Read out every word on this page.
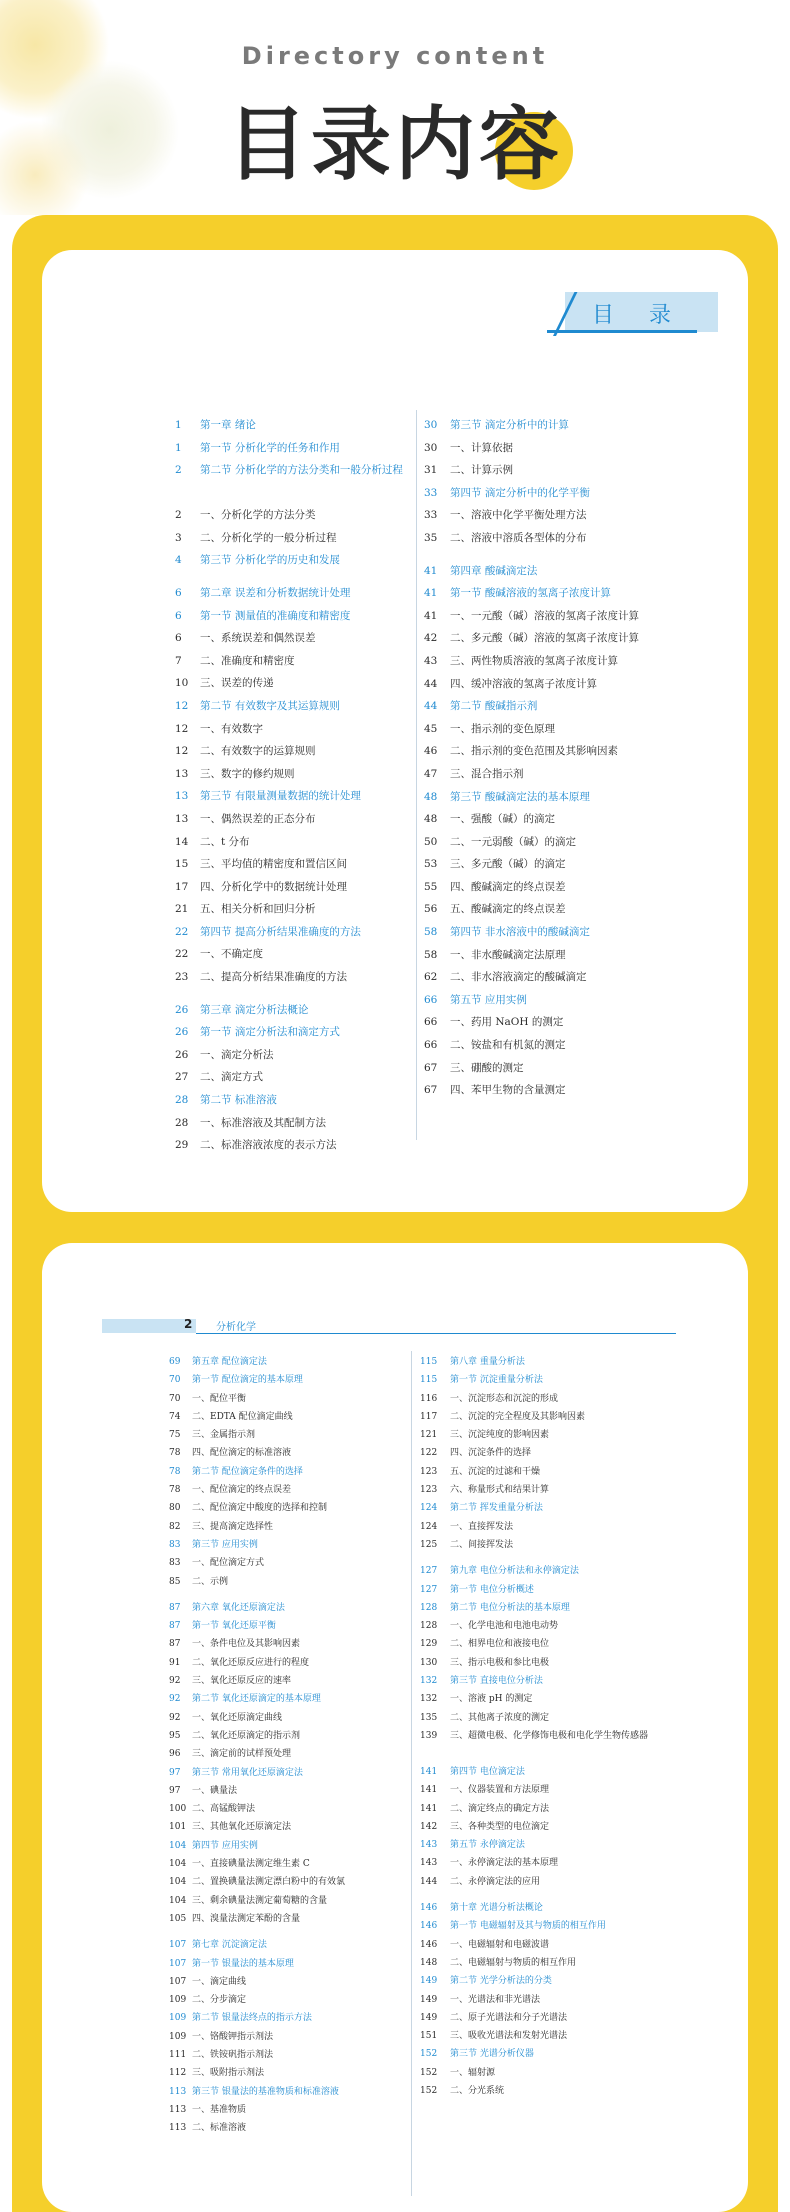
Directory content
目录内容
目 录
1 第一章 绪论
1 第一节 分析化学的任务和作用
2 第二节 分析化学的方法分类和一般分析过程
2 一、分析化学的方法分类
3 二、分析化学的一般分析过程
4 第三节 分析化学的历史和发展
6 第二章 误差和分析数据统计处理
6 第一节 测量值的准确度和精密度
6 一、系统误差和偶然误差
7 二、准确度和精密度
10 三、误差的传递
12 第二节 有效数字及其运算规则
12 一、有效数字
12 二、有效数字的运算规则
13 三、数字的修约规则
13 第三节 有限量测量数据的统计处理
13 一、偶然误差的正态分布
14 二、t 分布
15 三、平均值的精密度和置信区间
17 四、分析化学中的数据统计处理
21 五、相关分析和回归分析
22 第四节 提高分析结果准确度的方法
22 一、不确定度
23 二、提高分析结果准确度的方法
26 第三章 滴定分析法概论
26 第一节 滴定分析法和滴定方式
26 一、滴定分析法
27 二、滴定方式
28 第二节 标准溶液
28 一、标准溶液及其配制方法
29 二、标准溶液浓度的表示方法
30 第三节 滴定分析中的计算
30 一、计算依据
31 二、计算示例
33 第四节 滴定分析中的化学平衡
33 一、溶液中化学平衡处理方法
35 二、溶液中溶质各型体的分布
41 第四章 酸碱滴定法
41 第一节 酸碱溶液的氢离子浓度计算
41 一、一元酸（碱）溶液的氢离子浓度计算
42 二、多元酸（碱）溶液的氢离子浓度计算
43 三、两性物质溶液的氢离子浓度计算
44 四、缓冲溶液的氢离子浓度计算
44 第二节 酸碱指示剂
45 一、指示剂的变色原理
46 二、指示剂的变色范围及其影响因素
47 三、混合指示剂
48 第三节 酸碱滴定法的基本原理
48 一、强酸（碱）的滴定
50 二、一元弱酸（碱）的滴定
53 三、多元酸（碱）的滴定
55 四、酸碱滴定的终点误差
56 五、酸碱滴定的终点误差
58 第四节 非水溶液中的酸碱滴定
58 一、非水酸碱滴定法原理
62 二、非水溶液滴定的酸碱滴定
66 第五节 应用实例
66 一、药用 NaOH 的测定
66 二、铵盐和有机氮的测定
67 三、硼酸的测定
67 四、苯甲生物的含量测定
2 分析化学
69 第五章 配位滴定法
70 第一节 配位滴定的基本原理
70 一、配位平衡
74 二、EDTA 配位滴定曲线
75 三、金属指示剂
78 四、配位滴定的标准溶液
78 第二节 配位滴定条件的选择
78 一、配位滴定的终点误差
80 二、配位滴定中酸度的选择和控制
82 三、提高滴定选择性
83 第三节 应用实例
83 一、配位滴定方式
85 二、示例
87 第六章 氧化还原滴定法
87 第一节 氧化还原平衡
87 一、条件电位及其影响因素
91 二、氧化还原反应进行的程度
92 三、氧化还原反应的速率
92 第二节 氧化还原滴定的基本原理
92 一、氧化还原滴定曲线
95 二、氧化还原滴定的指示剂
96 三、滴定前的试样预处理
97 第三节 常用氧化还原滴定法
97 一、碘量法
100 二、高锰酸钾法
101 三、其他氧化还原滴定法
104 第四节 应用实例
104 一、直接碘量法测定维生素 C
104 二、置换碘量法测定漂白粉中的有效氯
104 三、剩余碘量法测定葡萄糖的含量
105 四、溴量法测定苯酚的含量
107 第七章 沉淀滴定法
107 第一节 银量法的基本原理
107 一、滴定曲线
109 二、分步滴定
109 第二节 银量法终点的指示方法
109 一、铬酸钾指示剂法
111 二、铁铵矾指示剂法
112 三、吸附指示剂法
113 第三节 银量法的基准物质和标准溶液
113 一、基准物质
113 二、标准溶液
115 第八章 重量分析法
115 第一节 沉淀重量分析法
116 一、沉淀形态和沉淀的形成
117 二、沉淀的完全程度及其影响因素
121 三、沉淀纯度的影响因素
122 四、沉淀条件的选择
123 五、沉淀的过滤和干燥
123 六、称量形式和结果计算
124 第二节 挥发重量分析法
124 一、直接挥发法
125 二、间接挥发法
127 第九章 电位分析法和永停滴定法
127 第一节 电位分析概述
128 第二节 电位分析法的基本原理
128 一、化学电池和电池电动势
129 二、相界电位和液接电位
130 三、指示电极和参比电极
132 第三节 直接电位分析法
132 一、溶液 pH 的测定
135 二、其他离子浓度的测定
139 三、超微电极、化学修饰电极和电化学生物传感器
141 第四节 电位滴定法
141 一、仪器装置和方法原理
141 二、滴定终点的确定方法
142 三、各种类型的电位滴定
143 第五节 永停滴定法
143 一、永停滴定法的基本原理
144 二、永停滴定法的应用
146 第十章 光谱分析法概论
146 第一节 电磁辐射及其与物质的相互作用
146 一、电磁辐射和电磁波谱
148 二、电磁辐射与物质的相互作用
149 第二节 光学分析法的分类
149 一、光谱法和非光谱法
149 二、原子光谱法和分子光谱法
151 三、吸收光谱法和发射光谱法
152 第三节 光谱分析仪器
152 一、辐射源
152 二、分光系统
